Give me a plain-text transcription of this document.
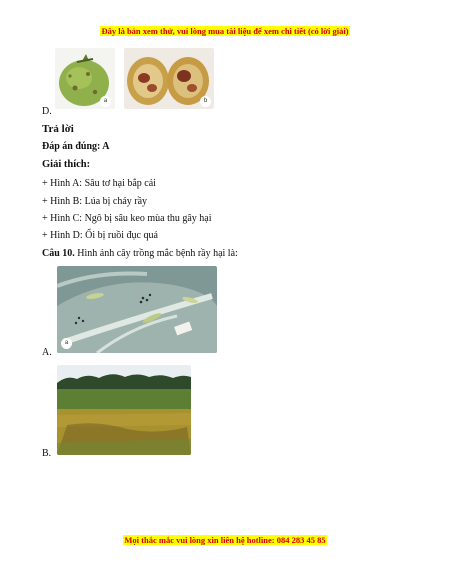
Đây là bản xem thử, vui lòng mua tài liệu để xem chi tiết (có lời giải)
a	b
D.
Trả lời
Đáp án đúng: A
Giải thích:
+ Hình A: Sâu tơ hại bắp cải
+ Hình B: Lúa bị cháy rầy
+ Hình C: Ngô bị sâu keo mùa thu gây hại
+ Hình D: Ổi bị ruồi đục quả
Câu 10. Hình ảnh cây trồng mắc bệnh rầy hại là:
a
A.
B.
Mọi thắc mắc vui lòng xin liên hệ hotline: 084 283 45 85
